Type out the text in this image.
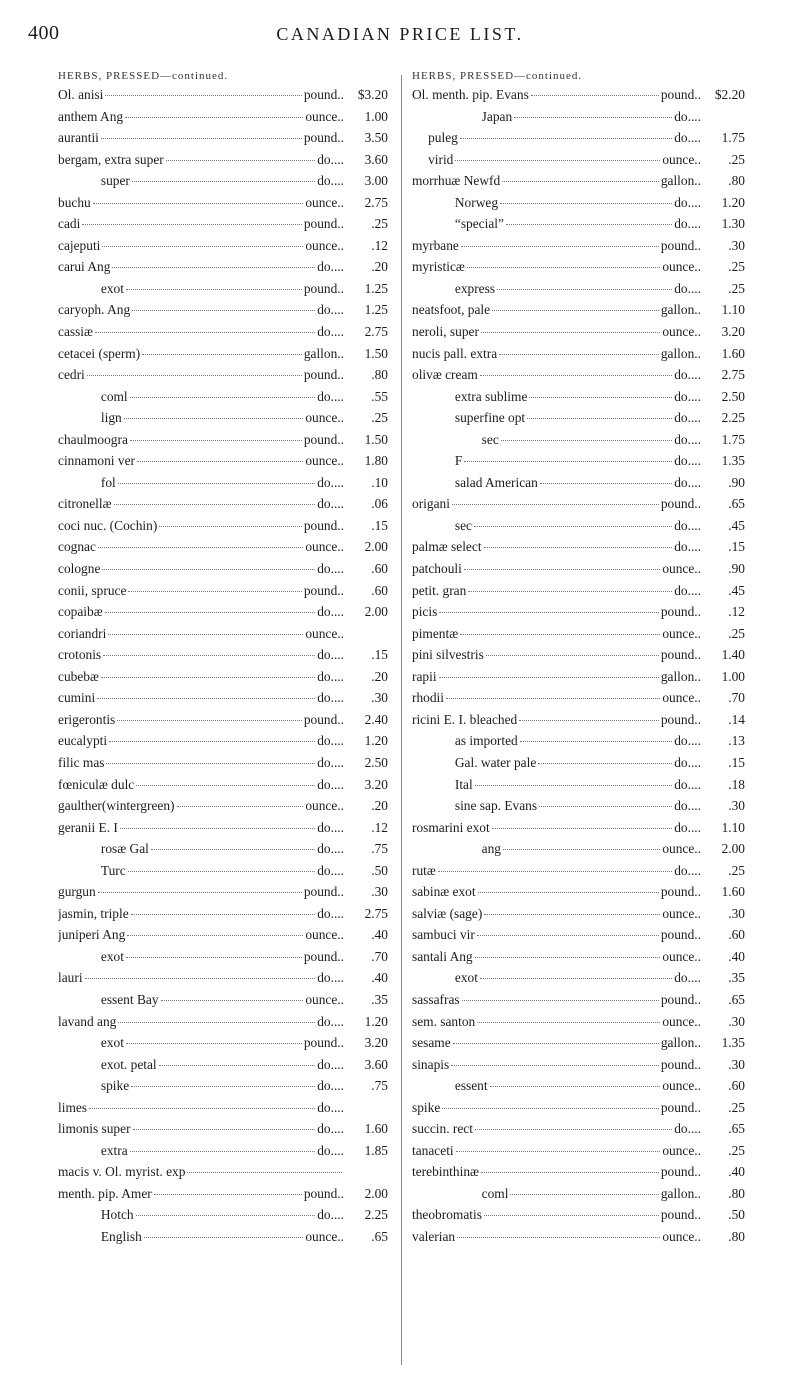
400	CANADIAN PRICE LIST.
HERBS, PRESSED—continued.
Ol. anisi	pound..	$3.20
anthem Ang	ounce..	1.00
aurantii	pound..	3.50
bergam, extra super	do....	3.60
super	do....	3.00
buchu	ounce..	2.75
cadi	pound..	.25
cajeputi	ounce..	.12
carui Ang	do....	.20
exot	pound..	1.25
caryoph. Ang	do....	1.25
cassiæ	do....	2.75
cetacei (sperm)	gallon..	1.50
cedri	pound..	.80
coml	do....	.55
lign	ounce..	.25
chaulmoogra	pound..	1.50
cinnamoni ver	ounce..	1.80
fol	do....	.10
citronellæ	do....	.06
coci nuc. (Cochin)	pound..	.15
cognac	ounce..	2.00
cologne	do....	.60
conii, spruce	pound..	.60
copaibæ	do....	2.00
coriandri	ounce..
crotonis	do....	.15
cubebæ	do....	.20
cumini	do....	.30
erigerontis	pound..	2.40
eucalypti	do....	1.20
filic mas	do....	2.50
fœniculæ dulc	do....	3.20
gaulther(wintergreen)	ounce..	.20
geranii E. I	do....	.12
rosæ Gal	do....	.75
Turc	do....	.50
gurgun	pound..	.30
jasmin, triple	do....	2.75
juniperi Ang	ounce..	.40
exot	pound..	.70
lauri	do....	.40
essent Bay	ounce..	.35
lavand ang	do....	1.20
exot	pound..	3.20
exot. petal	do....	3.60
spike	do....	.75
limes	do....
limonis super	do....	1.60
extra	do....	1.85
macis v. Ol. myrist. exp
menth. pip. Amer	pound..	2.00
Hotch	do....	2.25
English	ounce..	.65
HERBS, PRESSED—continued.
Ol. menth. pip. Evans	pound..	$2.20
Japan	do....
puleg	do....	1.75
virid	ounce..	.25
morrhuæ Newfd	gallon..	.80
Norweg	do....	1.20
“special”	do....	1.30
myrbane	pound..	.30
myristicæ	ounce..	.25
express	do....	.25
neatsfoot, pale	gallon..	1.10
neroli, super	ounce..	3.20
nucis pall. extra	gallon..	1.60
olivæ cream	do....	2.75
extra sublime	do....	2.50
superfine opt	do....	2.25
sec	do....	1.75
F	do....	1.35
salad American	do....	.90
origani	pound..	.65
sec	do....	.45
palmæ select	do....	.15
patchouli	ounce..	.90
petit. gran	do....	.45
picis	pound..	.12
pimentæ	ounce..	.25
pini silvestris	pound..	1.40
rapii	gallon..	1.00
rhodii	ounce..	.70
ricini E. I. bleached	pound..	.14
as imported	do....	.13
Gal. water pale	do....	.15
Ital	do....	.18
sine sap. Evans	do....	.30
rosmarini exot	do....	1.10
ang	ounce..	2.00
rutæ	do....	.25
sabinæ exot	pound..	1.60
salviæ (sage)	ounce..	.30
sambuci vir	pound..	.60
santali Ang	ounce..	.40
exot	do....	.35
sassafras	pound..	.65
sem. santon	ounce..	.30
sesame	gallon..	1.35
sinapis	pound..	.30
essent	ounce..	.60
spike	pound..	.25
succin. rect	do....	.65
tanaceti	ounce..	.25
terebinthinæ	pound..	.40
coml	gallon..	.80
theobromatis	pound..	.50
valerian	ounce..	.80
